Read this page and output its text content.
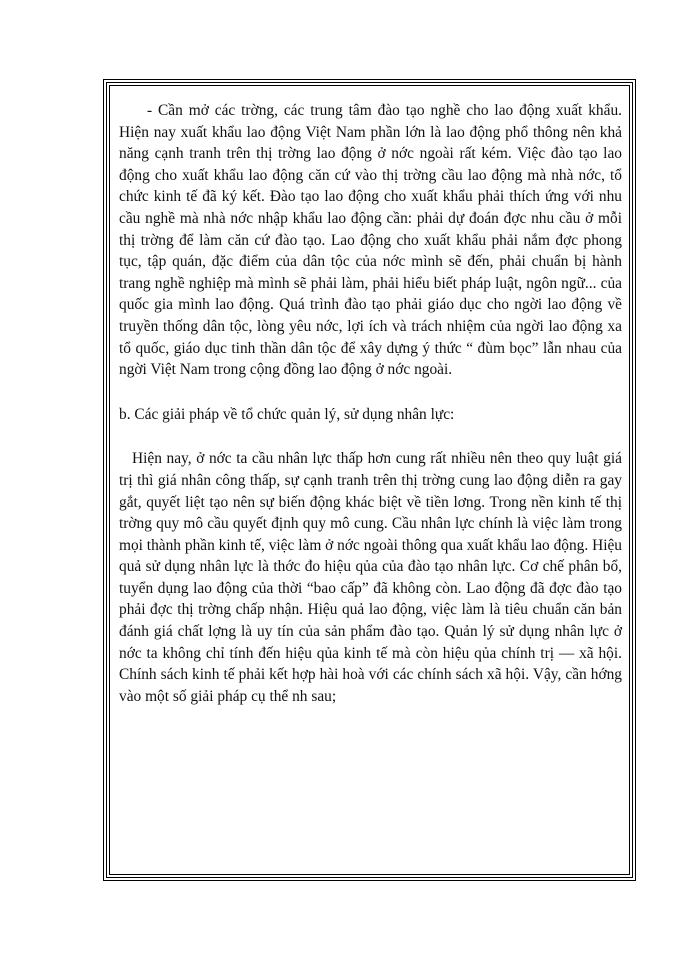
- Cần mở các trờng, các trung tâm đào tạo nghề cho lao động xuất khẩu. Hiện nay xuất khẩu lao động Việt Nam phần lớn là lao động phổ thông nên khả năng cạnh tranh trên thị trờng lao động ở nớc ngoài rất kém. Việc đào tạo lao động cho xuất khẩu lao động căn cứ vào thị trờng cầu lao động mà nhà nớc, tổ chức kinh tế đã ký kết. Đào tạo lao động cho xuất khẩu phải thích ứng với nhu cầu nghề mà nhà nớc nhập khẩu lao động cần: phải dự đoán đợc nhu cầu ở mỗi thị trờng để làm căn cứ đào tạo. Lao động cho xuất khẩu phải nắm đợc phong tục, tập quán, đặc điểm của dân tộc của nớc mình sẽ đến, phải chuẩn bị hành trang nghề nghiệp mà mình sẽ phải làm, phải hiểu biết pháp luật, ngôn ngữ... của quốc gia mình lao động. Quá trình đào tạo phải giáo dục cho ngời lao động về truyền thống dân tộc, lòng yêu nớc, lợi ích và trách nhiệm của ngời lao động xa tổ quốc, giáo dục tinh thần dân tộc để xây dựng ý thức “ đùm bọc” lẫn nhau của ngời Việt Nam trong cộng đồng lao động ở nớc ngoài.

b. Các giải pháp về tổ chức quản lý, sử dụng nhân lực:

Hiện nay, ở nớc ta cầu nhân lực thấp hơn cung rất nhiều nên theo quy luật giá trị thì giá nhân công thấp, sự cạnh tranh trên thị trờng cung lao động diễn ra gay gắt, quyết liệt tạo nên sự biến động khác biệt về tiền lơng. Trong nền kinh tế thị trờng quy mô cầu quyết định quy mô cung. Cầu nhân lực chính là việc làm trong mọi thành phần kinh tế, việc làm ở nớc ngoài thông qua xuất khẩu lao động. Hiệu quả sử dụng nhân lực là thớc đo hiệu qủa của đào tạo nhân lực. Cơ chế phân bổ, tuyển dụng lao động của thời “bao cấp” đã không còn. Lao động đã đợc đào tạo phải đợc thị trờng chấp nhận. Hiệu quả lao động, việc làm là tiêu chuẩn căn bản đánh giá chất lợng là uy tín của sản phẩm đào tạo. Quản lý sử dụng nhân lực ở nớc ta không chỉ tính đến hiệu qủa kinh tế mà còn hiệu qủa chính trị — xã hội. Chính sách kinh tế phải kết hợp hài hoà với các chính sách xã hội. Vậy, cần hớng vào một số giải pháp cụ thể nh sau;
